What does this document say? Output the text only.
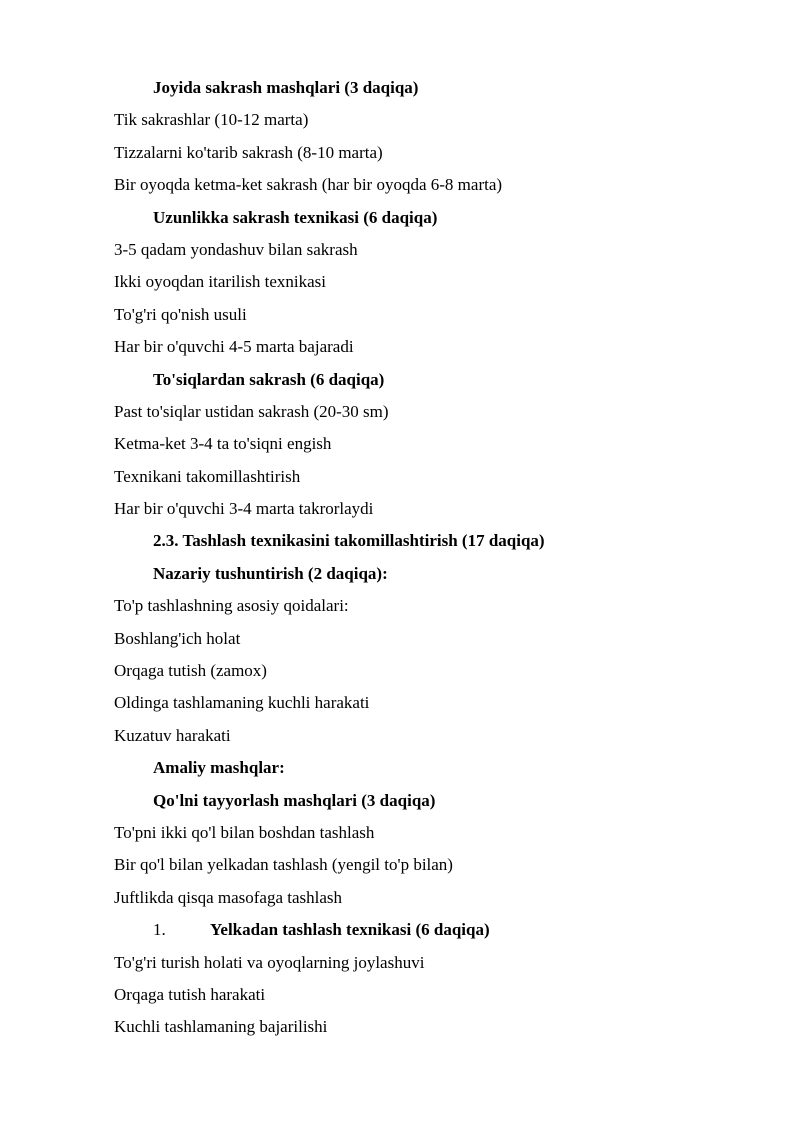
Joyida sakrash mashqlari (3 daqiqa)
Tik sakrashlar (10-12 marta)
Tizzalarni ko'tarib sakrash (8-10 marta)
Bir oyoqda ketma-ket sakrash (har bir oyoqda 6-8 marta)
Uzunlikka sakrash texnikasi (6 daqiqa)
3-5 qadam yondashuv bilan sakrash
Ikki oyoqdan itarilish texnikasi
To'g'ri qo'nish usuli
Har bir o'quvchi 4-5 marta bajaradi
To'siqlardan sakrash (6 daqiqa)
Past to'siqlar ustidan sakrash (20-30 sm)
Ketma-ket 3-4 ta to'siqni engish
Texnikani takomillashtirish
Har bir o'quvchi 3-4 marta takrorlaydi
2.3. Tashlash texnikasini takomillashtirish (17 daqiqa)
Nazariy tushuntirish (2 daqiqa):
To'p tashlashning asosiy qoidalari:
Boshlang'ich holat
Orqaga tutish (zamox)
Oldinga tashlamaning kuchli harakati
Kuzatuv harakati
Amaliy mashqlar:
Qo'lni tayyorlash mashqlari (3 daqiqa)
To'pni ikki qo'l bilan boshdan tashlash
Bir qo'l bilan yelkadan tashlash (yengil to'p bilan)
Juftlikda qisqa masofaga tashlash
1.	Yelkadan tashlash texnikasi (6 daqiqa)
To'g'ri turish holati va oyoqlarning joylashuvi
Orqaga tutish harakati
Kuchli tashlamaning bajarilishi
